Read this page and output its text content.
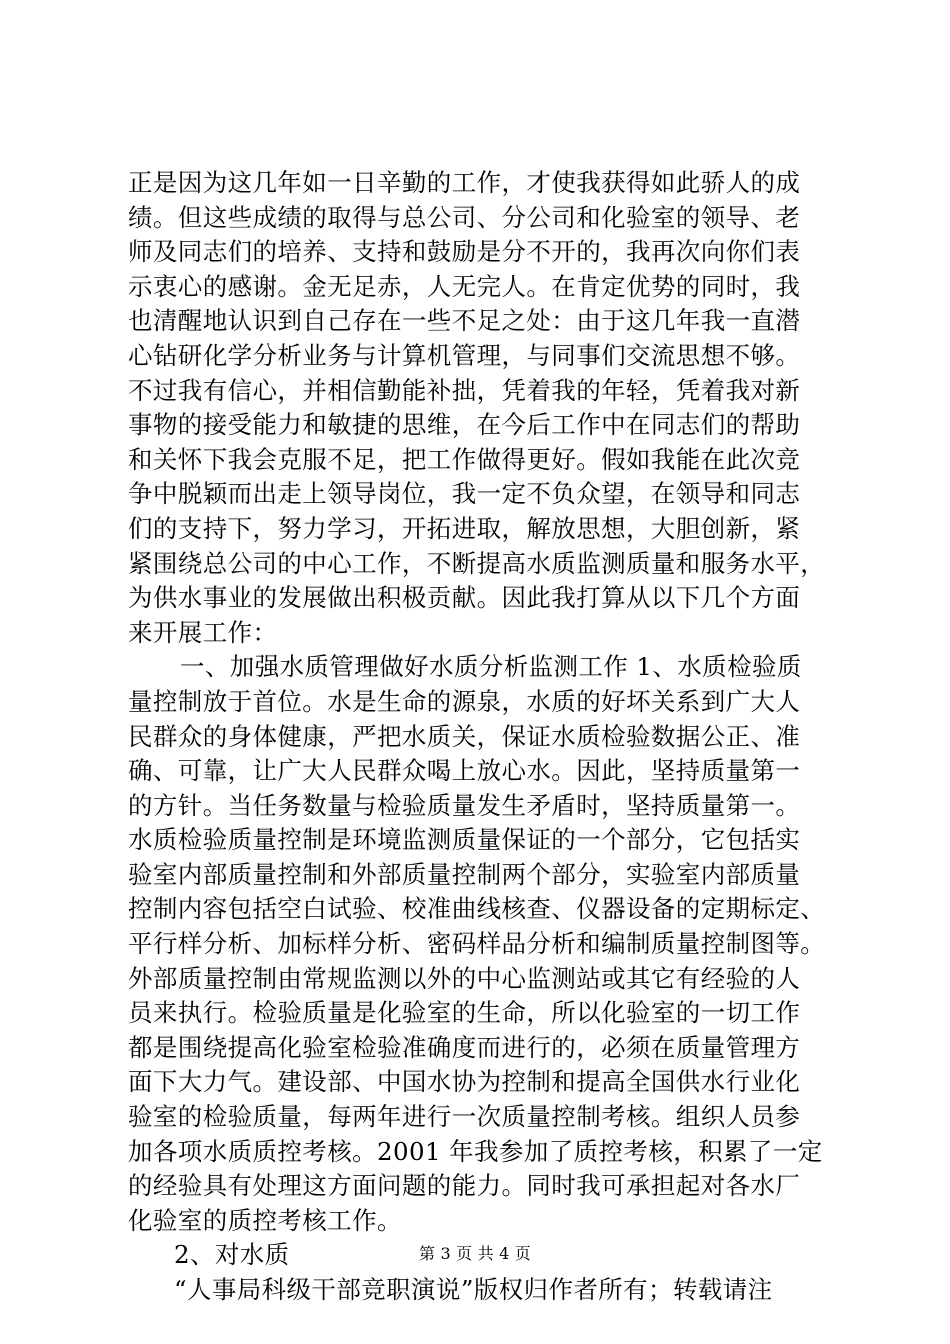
正是因为这几年如一日辛勤的工作，才使我获得如此骄人的成
绩。但这些成绩的取得与总公司、分公司和化验室的领导、老
师及同志们的培养、支持和鼓励是分不开的，我再次向你们表
示衷心的感谢。金无足赤，人无完人。在肯定优势的同时，我
也清醒地认识到自己存在一些不足之处：由于这几年我一直潜
心钻研化学分析业务与计算机管理，与同事们交流思想不够。
不过我有信心，并相信勤能补拙，凭着我的年轻，凭着我对新
事物的接受能力和敏捷的思维，在今后工作中在同志们的帮助
和关怀下我会克服不足，把工作做得更好。假如我能在此次竞
争中脱颖而出走上领导岗位，我一定不负众望，在领导和同志
们的支持下，努力学习，开拓进取，解放思想，大胆创新，紧
紧围绕总公司的中心工作，不断提高水质监测质量和服务水平，
为供水事业的发展做出积极贡献。因此我打算从以下几个方面
来开展工作：
一、加强水质管理做好水质分析监测工作 1、水质检验质
量控制放于首位。水是生命的源泉，水质的好坏关系到广大人
民群众的身体健康，严把水质关，保证水质检验数据公正、准
确、可靠，让广大人民群众喝上放心水。因此，坚持质量第一
的方针。当任务数量与检验质量发生矛盾时，坚持质量第一。
水质检验质量控制是环境监测质量保证的一个部分，它包括实
验室内部质量控制和外部质量控制两个部分，实验室内部质量
控制内容包括空白试验、校准曲线核查、仪器设备的定期标定、
平行样分析、加标样分析、密码样品分析和编制质量控制图等。
外部质量控制由常规监测以外的中心监测站或其它有经验的人
员来执行。检验质量是化验室的生命，所以化验室的一切工作
都是围绕提高化验室检验准确度而进行的，必须在质量管理方
面下大力气。建设部、中国水协为控制和提高全国供水行业化
验室的检验质量，每两年进行一次质量控制考核。组织人员参
加各项水质质控考核。2001 年我参加了质控考核，积累了一定
的经验具有处理这方面问题的能力。同时我可承担起对各水厂
化验室的质控考核工作。
2、对水质
“人事局科级干部竞职演说”版权归作者所有；转载请注
第 3 页 共 4 页
